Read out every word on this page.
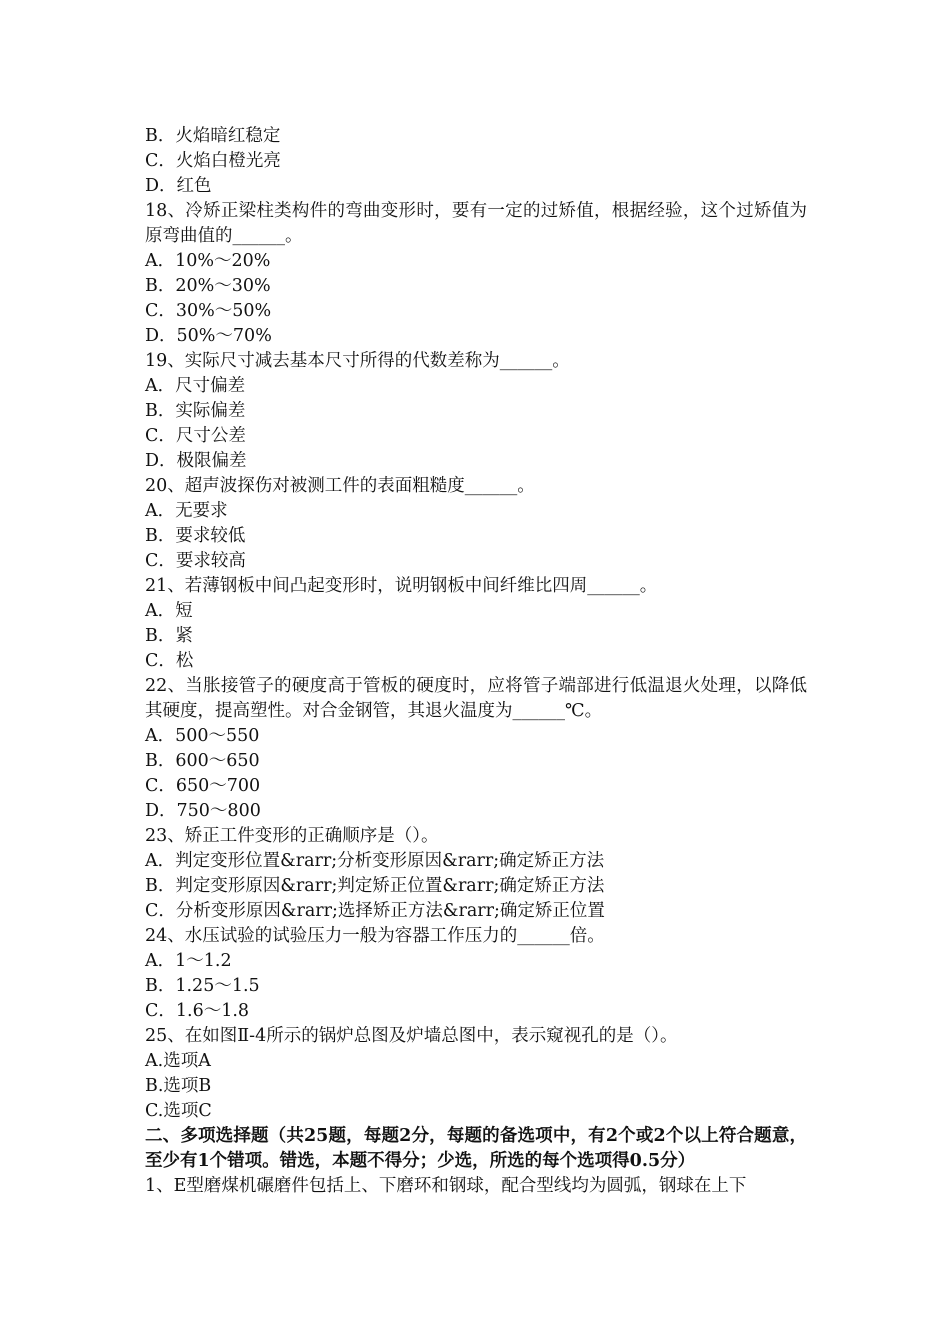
B．火焰暗红稳定

C．火焰白橙光亮

D．红色

18、冷矫正梁柱类构件的弯曲变形时，要有一定的过矫值，根据经验，这个过矫值为原弯曲值的______。

A．10%～20%

B．20%～30%

C．30%～50%

D．50%～70%

19、实际尺寸减去基本尺寸所得的代数差称为______。

A．尺寸偏差

B．实际偏差

C．尺寸公差

D．极限偏差

20、超声波探伤对被测工件的表面粗糙度______。

A．无要求

B．要求较低

C．要求较高

21、若薄钢板中间凸起变形时，说明钢板中间纤维比四周______。

A．短

B．紧

C．松

22、当胀接管子的硬度高于管板的硬度时，应将管子端部进行低温退火处理，以降低其硬度，提高塑性。对合金钢管，其退火温度为______℃。

A．500～550

B．600～650

C．650～700

D．750～800

23、矫正工件变形的正确顺序是（）。

A．判定变形位置&rarr;分析变形原因&rarr;确定矫正方法

B．判定变形原因&rarr;判定矫正位置&rarr;确定矫正方法

C．分析变形原因&rarr;选择矫正方法&rarr;确定矫正位置

24、水压试验的试验压力一般为容器工作压力的______倍。

A．1～1.2

B．1.25～1.5

C．1.6～1.8

25、在如图Ⅱ-4所示的锅炉总图及炉墙总图中，表示窥视孔的是（）。

A.选项A

B.选项B

C.选项C

二、多项选择题（共25题，每题2分，每题的备选项中，有2个或2个以上符合题意，至少有1个错项。错选，本题不得分；少选，所选的每个选项得0.5分）

1、E型磨煤机碾磨件包括上、下磨环和钢球，配合型线均为圆弧，钢球在上下
